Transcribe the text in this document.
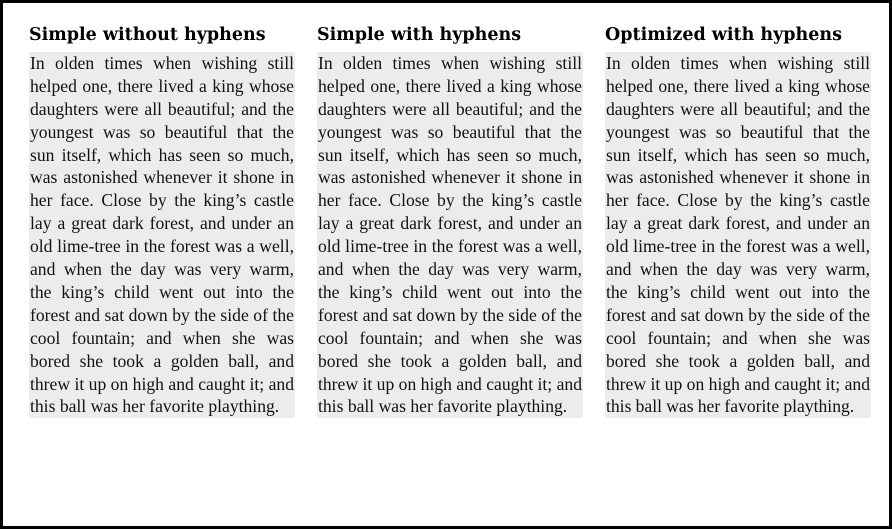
Simple without hyphens
In olden times when wishing still helped one, there lived a king whose daughters were all beautiful; and the youngest was so beautiful that the sun itself, which has seen so much, was astonished whenever it shone in her face. Close by the king’s castle lay a great dark forest, and under an old lime-tree in the forest was a well, and when the day was very warm, the king’s child went out into the forest and sat down by the side of the cool fountain; and when she was bored she took a golden ball, and threw it up on high and caught it; and this ball was her favorite plaything.
Simple with hyphens
In olden times when wishing still helped one, there lived a king whose daughters were all beautiful; and the youngest was so beautiful that the sun itself, which has seen so much, was astonished whenever it shone in her face. Close by the king’s castle lay a great dark forest, and under an old lime-tree in the forest was a well, and when the day was very warm, the king’s child went out into the forest and sat down by the side of the cool fountain; and when she was bored she took a golden ball, and threw it up on high and caught it; and this ball was her favorite plaything.
Optimized with hyphens
In olden times when wishing still helped one, there lived a king whose daughters were all beautiful; and the youngest was so beautiful that the sun itself, which has seen so much, was astonished whenever it shone in her face. Close by the king’s castle lay a great dark forest, and under an old lime-tree in the forest was a well, and when the day was very warm, the king’s child went out into the forest and sat down by the side of the cool fountain; and when she was bored she took a golden ball, and threw it up on high and caught it; and this ball was her favorite plaything.
